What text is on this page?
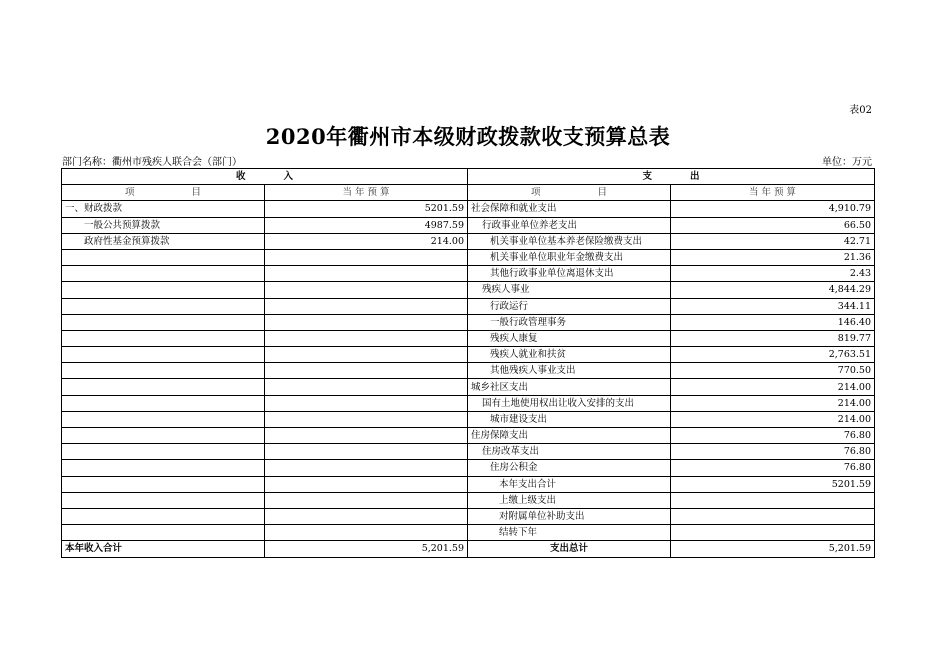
表02
2020年衢州市本级财政拨款收支预算总表
部门名称：衢州市残疾人联合会（部门）	单位：万元
收　　　　入		支　　　　出	
项　　　　　　目	当 年 预 算	项　　　　　　目	当 年 预 算
一、财政拨款	5201.59	社会保障和就业支出	4,910.79
一般公共预算拨款	4987.59	行政事业单位养老支出	66.50
政府性基金预算拨款	214.00	机关事业单位基本养老保险缴费支出	42.71
		机关事业单位职业年金缴费支出	21.36
		其他行政事业单位离退休支出	2.43
		残疾人事业	4,844.29
		行政运行	344.11
		一般行政管理事务	146.40
		残疾人康复	819.77
		残疾人就业和扶贫	2,763.51
		其他残疾人事业支出	770.50
		城乡社区支出	214.00
		国有土地使用权出让收入安排的支出	214.00
		城市建设支出	214.00
		住房保障支出	76.80
		住房改革支出	76.80
		住房公积金	76.80
		本年支出合计	5201.59
		上缴上级支出	
		对附属单位补助支出	
		结转下年	
本年收入合计	5,201.59	支出总计	5,201.59
